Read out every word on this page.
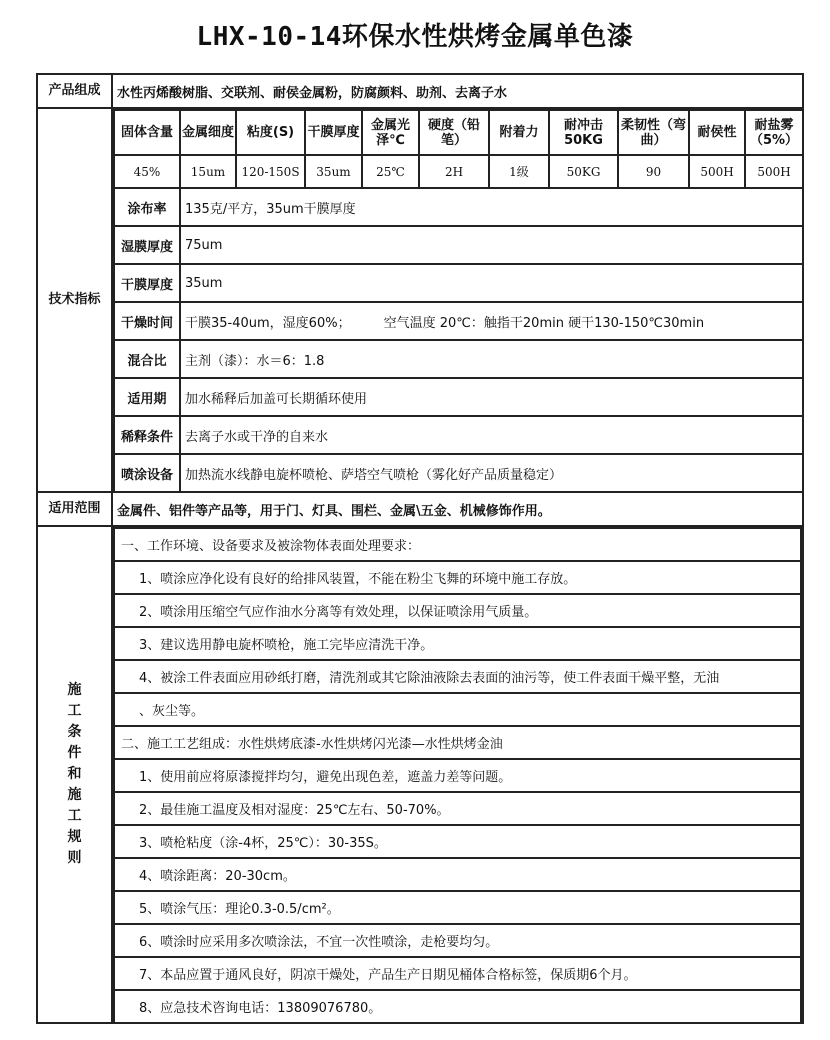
LHX-10-14环保水性烘烤金属单色漆
产品组成	水性丙烯酸树脂、交联剂、耐侯金属粉，防腐颜料、助剂、去离子水
技术指标	
固体含量	金属细度	粘度(S)	干膜厚度	金属光泽℃	硬度（铅笔）	附着力	耐冲击50KG	柔韧性（弯曲）	耐侯性	耐盐雾（5%）
45%	15um	120-150S	35um	25℃	2H	1级	50KG	90	500H	500H
涂布率	135克/平方，35um干膜厚度
湿膜厚度	75um
干膜厚度	35um
干燥时间	干膜35-40um，湿度60%；        空气温度 20℃：触指干20min 硬干130-150℃30min
混合比	主剂（漆）：水＝6：1.8
适用期	加水稀释后加盖可长期循环使用
稀释条件	去离子水或干净的自来水
喷涂设备	加热流水线静电旋杯喷枪、萨塔空气喷枪（雾化好产品质量稳定）

适用范围	金属件、铝件等产品等，用于门、灯具、围栏、金属\五金、机械修饰作用。

施
工
条
件
和
施
工
规
则

一、工作环境、设备要求及被涂物体表面处理要求：
1、喷涂应净化设有良好的给排风装置，不能在粉尘飞舞的环境中施工存放。
2、喷涂用压缩空气应作油水分离等有效处理，以保证喷涂用气质量。
3、建议选用静电旋杯喷枪，施工完毕应清洗干净。
4、被涂工件表面应用砂纸打磨，清洗剂或其它除油液除去表面的油污等，使工件表面干燥平整，无油
、灰尘等。
二、施工工艺组成：水性烘烤底漆-水性烘烤闪光漆—水性烘烤金油
1、使用前应将原漆搅拌均匀，避免出现色差，遮盖力差等问题。
2、最佳施工温度及相对湿度：25℃左右、50-70%。
3、喷枪粘度（涂-4杯，25℃）：30-35S。
4、喷涂距离：20-30cm。
5、喷涂气压：理论0.3-0.5/cm²。
6、喷涂时应采用多次喷涂法，不宜一次性喷涂，走枪要均匀。
7、本品应置于通风良好，阴凉干燥处，产品生产日期见桶体合格标签，保质期6个月。
8、应急技术咨询电话：13809076780。
